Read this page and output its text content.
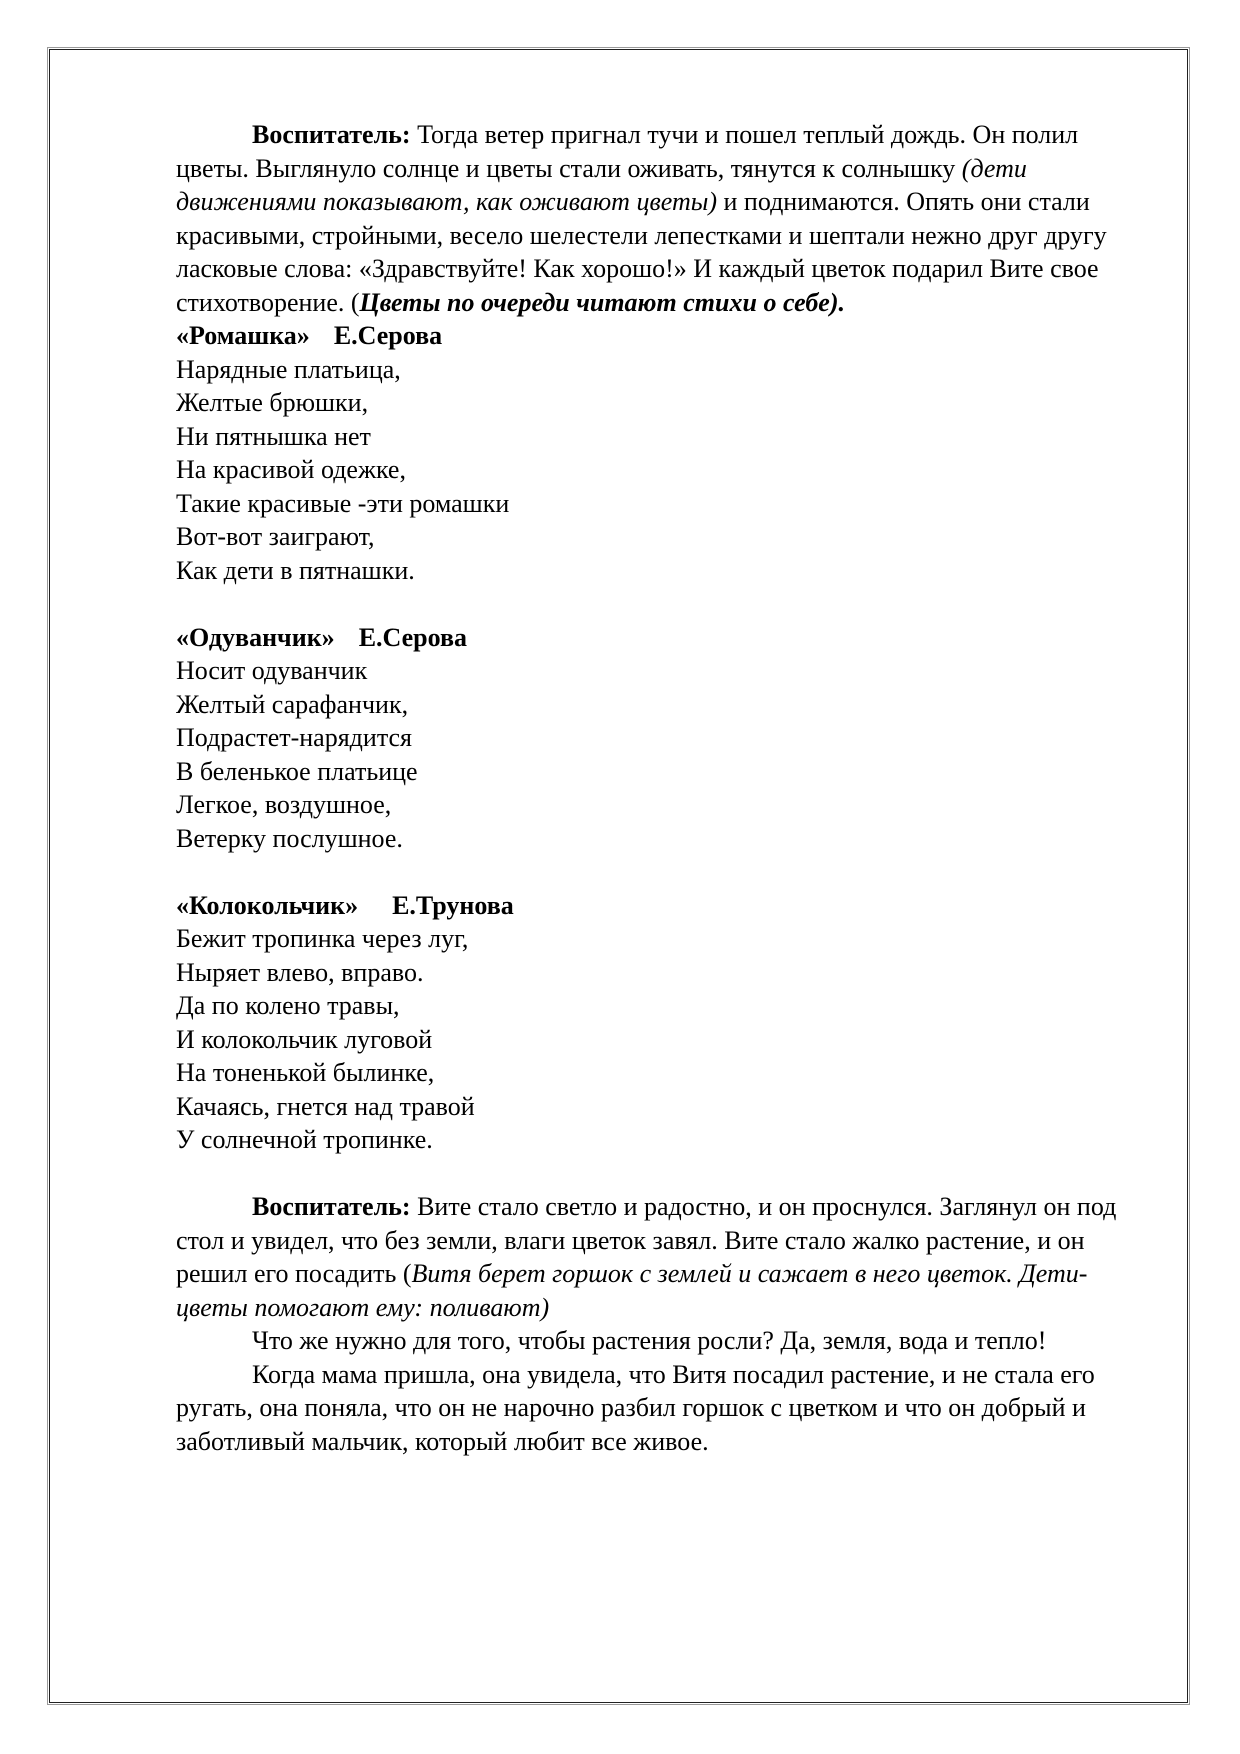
Воспитатель: Тогда ветер пригнал тучи и пошел теплый дождь. Он полил цветы. Выглянуло солнце и цветы стали оживать, тянутся к солнышку (дети движениями показывают, как оживают цветы) и поднимаются. Опять они стали красивыми, стройными, весело шелестели лепестками и шептали нежно друг другу ласковые слова: «Здравствуйте! Как хорошо!» И каждый цветок подарил Вите свое стихотворение. (Цветы по очереди читают стихи о себе).

«Ромашка» Е.Серова

Нарядные платьица,

Желтые брюшки,

Ни пятнышка нет

На красивой одежке,

Такие красивые -эти ромашки

Вот-вот заиграют,

Как дети в пятнашки.

«Одуванчик» Е.Серова

Носит одуванчик

Желтый сарафанчик,

Подрастет-нарядится

В беленькое платьице

Легкое, воздушное,

Ветерку послушное.

«Колокольчик» Е.Трунова

Бежит тропинка через луг,

Ныряет влево, вправо.

Да по колено травы,

И колокольчик луговой

На тоненькой былинке,

Качаясь, гнется над травой

У солнечной тропинке.

Воспитатель: Вите стало светло и радостно, и он проснулся. Заглянул он под стол и увидел, что без земли, влаги цветок завял. Вите стало жалко растение, и он решил его посадить (Витя берет горшок с землей и сажает в него цветок. Дети-цветы помогают ему: поливают)

Что же нужно для того, чтобы растения росли? Да, земля, вода и тепло!

Когда мама пришла, она увидела, что Витя посадил растение, и не стала его ругать, она поняла, что он не нарочно разбил горшок с цветком и что он добрый и заботливый мальчик, который любит все живое.
